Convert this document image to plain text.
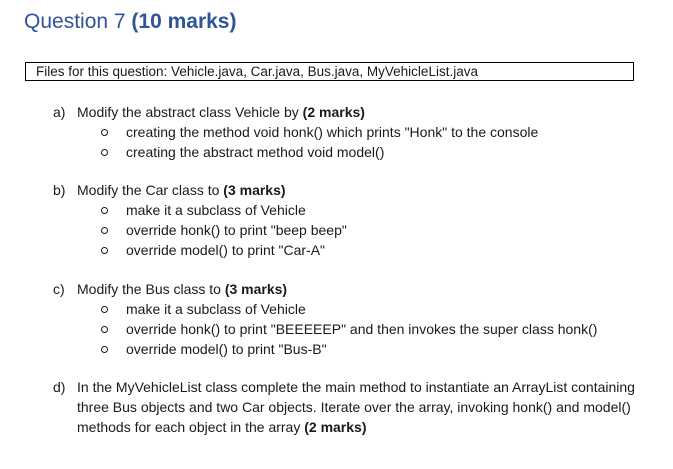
Question 7 (10 marks)
Files for this question: Vehicle.java, Car.java, Bus.java, MyVehicleList.java
a) Modify the abstract class Vehicle by (2 marks)
creating the method void honk() which prints "Honk" to the console
creating the abstract method void model()
b) Modify the Car class to (3 marks)
make it a subclass of Vehicle
override honk() to print "beep beep"
override model() to print "Car-A"
c) Modify the Bus class to (3 marks)
make it a subclass of Vehicle
override honk() to print "BEEEEEP" and then invokes the super class honk()
override model() to print "Bus-B"
d) In the MyVehicleList class complete the main method to instantiate an ArrayList containing three Bus objects and two Car objects. Iterate over the array, invoking honk() and model() methods for each object in the array (2 marks)
